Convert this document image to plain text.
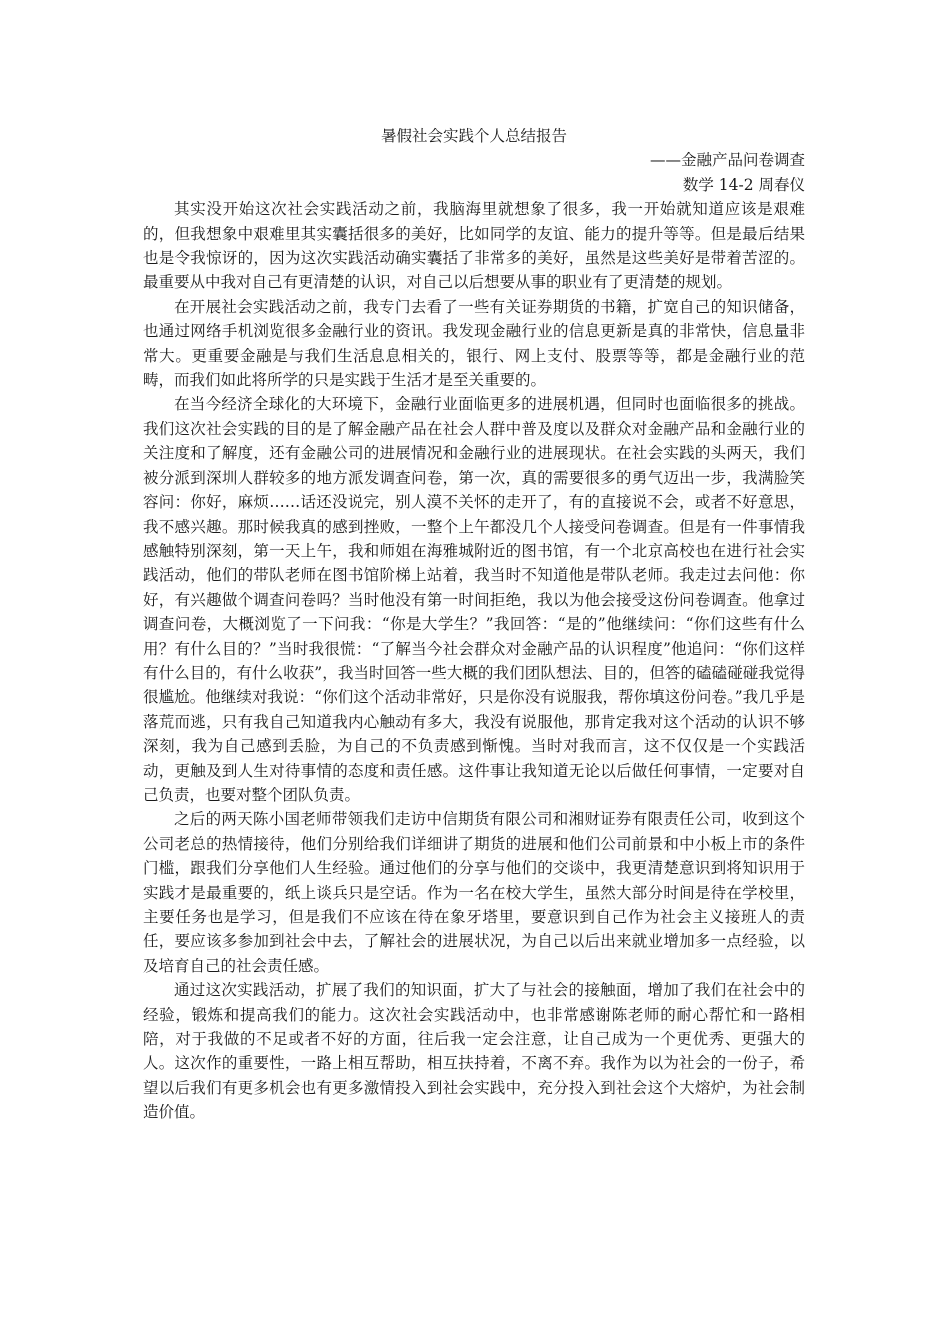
暑假社会实践个人总结报告

——金融产品问卷调查

数学 14-2 周春仪

其实没开始这次社会实践活动之前，我脑海里就想象了很多，我一开始就知道应该是艰难的，但我想象中艰难里其实囊括很多的美好，比如同学的友谊、能力的提升等等。但是最后结果也是令我惊讶的，因为这次实践活动确实囊括了非常多的美好，虽然是这些美好是带着苦涩的。最重要从中我对自己有更清楚的认识，对自己以后想要从事的职业有了更清楚的规划。

在开展社会实践活动之前，我专门去看了一些有关证券期货的书籍，扩宽自己的知识储备，也通过网络手机浏览很多金融行业的资讯。我发现金融行业的信息更新是真的非常快，信息量非常大。更重要金融是与我们生活息息相关的，银行、网上支付、股票等等，都是金融行业的范畴，而我们如此将所学的只是实践于生活才是至关重要的。

在当今经济全球化的大环境下，金融行业面临更多的进展机遇，但同时也面临很多的挑战。我们这次社会实践的目的是了解金融产品在社会人群中普及度以及群众对金融产品和金融行业的关注度和了解度，还有金融公司的进展情况和金融行业的进展现状。在社会实践的头两天，我们被分派到深圳人群较多的地方派发调查问卷，第一次，真的需要很多的勇气迈出一步，我满脸笑容问：你好，麻烦……话还没说完，别人漠不关怀的走开了，有的直接说不会，或者不好意思，我不感兴趣。那时候我真的感到挫败，一整个上午都没几个人接受问卷调查。但是有一件事情我感触特别深刻，第一天上午，我和师姐在海雅城附近的图书馆，有一个北京高校也在进行社会实践活动，他们的带队老师在图书馆阶梯上站着，我当时不知道他是带队老师。我走过去问他：你好，有兴趣做个调查问卷吗？当时他没有第一时间拒绝，我以为他会接受这份问卷调查。他拿过调查问卷，大概浏览了一下问我：“你是大学生？”我回答：“是的”他继续问：“你们这些有什么用？有什么目的？”当时我很慌：“了解当今社会群众对金融产品的认识程度”他追问：“你们这样有什么目的，有什么收获”，我当时回答一些大概的我们团队想法、目的，但答的磕磕碰碰我觉得很尴尬。他继续对我说：“你们这个活动非常好，只是你没有说服我，帮你填这份问卷。”我几乎是落荒而逃，只有我自己知道我内心触动有多大，我没有说服他，那肯定我对这个活动的认识不够深刻，我为自己感到丢脸，为自己的不负责感到惭愧。当时对我而言，这不仅仅是一个实践活动，更触及到人生对待事情的态度和责任感。这件事让我知道无论以后做任何事情，一定要对自己负责，也要对整个团队负责。

之后的两天陈小国老师带领我们走访中信期货有限公司和湘财证券有限责任公司，收到这个公司老总的热情接待，他们分别给我们详细讲了期货的进展和他们公司前景和中小板上市的条件门槛，跟我们分享他们人生经验。通过他们的分享与他们的交谈中，我更清楚意识到将知识用于实践才是最重要的，纸上谈兵只是空话。作为一名在校大学生，虽然大部分时间是待在学校里，主要任务也是学习，但是我们不应该在待在象牙塔里，要意识到自己作为社会主义接班人的责任，要应该多参加到社会中去，了解社会的进展状况，为自己以后出来就业增加多一点经验，以及培育自己的社会责任感。

通过这次实践活动，扩展了我们的知识面，扩大了与社会的接触面，增加了我们在社会中的经验，锻炼和提高我们的能力。这次社会实践活动中，也非常感谢陈老师的耐心帮忙和一路相陪，对于我做的不足或者不好的方面，往后我一定会注意，让自己成为一个更优秀、更强大的人。这次作的重要性，一路上相互帮助，相互扶持着，不离不弃。我作为以为社会的一份子，希望以后我们有更多机会也有更多激情投入到社会实践中，充分投入到社会这个大熔炉，为社会制造价值。
